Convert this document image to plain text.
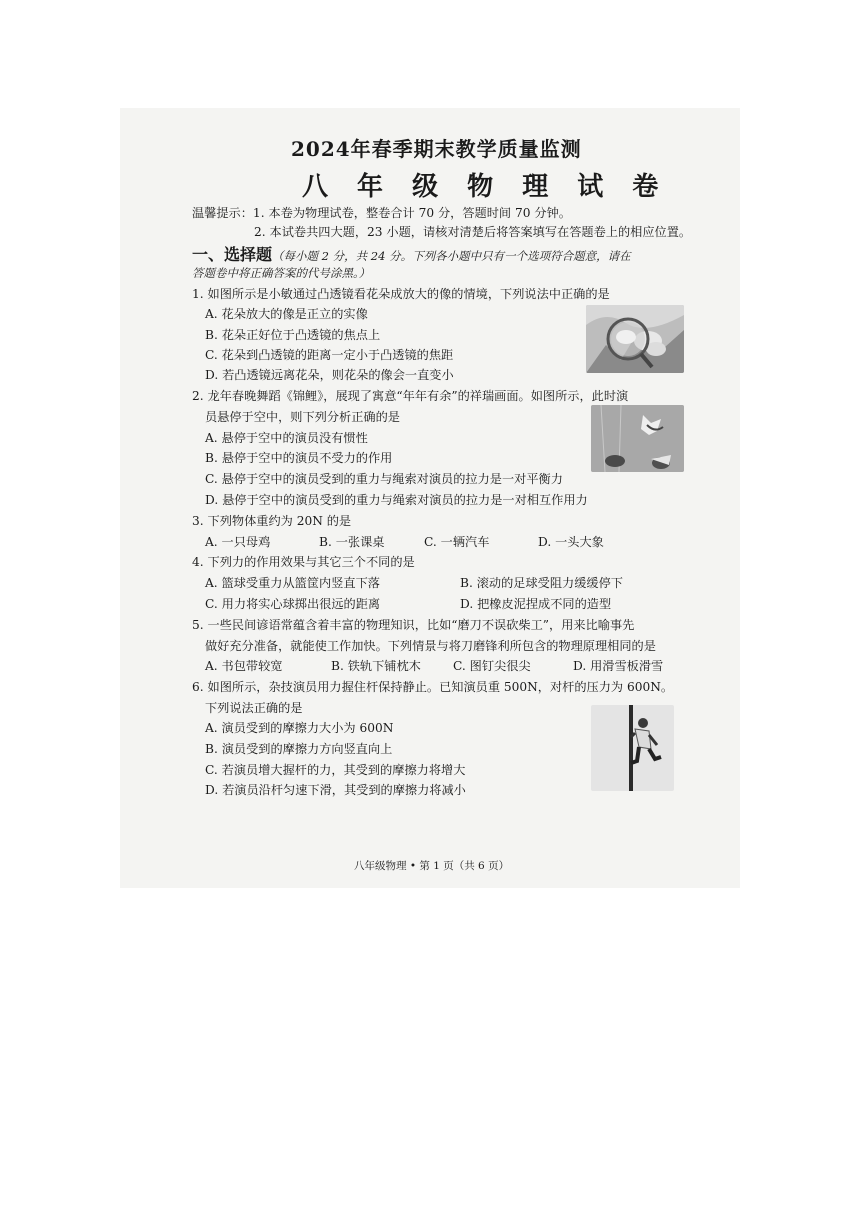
2024年春季期末教学质量监测
八 年 级 物 理 试 卷
温馨提示：1. 本卷为物理试卷，整卷合计 70 分，答题时间 70 分钟。
2. 本试卷共四大题，23 小题，请核对清楚后将答案填写在答题卷上的相应位置。
一、选择题 （每小题 2 分，共 24 分。下列各小题中只有一个选项符合题意，请在
答题卷中将正确答案的代号涂黑。）
1. 如图所示是小敏通过凸透镜看花朵成放大的像的情境，下列说法中正确的是
A. 花朵放大的像是正立的实像
B. 花朵正好位于凸透镜的焦点上
C. 花朵到凸透镜的距离一定小于凸透镜的焦距
D. 若凸透镜远离花朵，则花朵的像会一直变小
2. 龙年春晚舞蹈《锦鲤》，展现了寓意“年年有余”的祥瑞画面。如图所示，此时演
员悬停于空中，则下列分析正确的是
A. 悬停于空中的演员没有惯性
B. 悬停于空中的演员不受力的作用
C. 悬停于空中的演员受到的重力与绳索对演员的拉力是一对平衡力
D. 悬停于空中的演员受到的重力与绳索对演员的拉力是一对相互作用力
3. 下列物体重约为 20N 的是
A. 一只母鸡	B. 一张课桌	C. 一辆汽车	D. 一头大象
4. 下列力的作用效果与其它三个不同的是
A. 篮球受重力从篮筐内竖直下落	B. 滚动的足球受阻力缓缓停下
C. 用力将实心球掷出很远的距离	D. 把橡皮泥捏成不同的造型
5. 一些民间谚语常蕴含着丰富的物理知识，比如“磨刀不误砍柴工”，用来比喻事先
做好充分准备，就能使工作加快。下列情景与将刀磨锋利所包含的物理原理相同的是
A. 书包带较宽	B. 铁轨下铺枕木	C. 图钉尖很尖	D. 用滑雪板滑雪
6. 如图所示，杂技演员用力握住杆保持静止。已知演员重 500N，对杆的压力为 600N。
下列说法正确的是
A. 演员受到的摩擦力大小为 600N
B. 演员受到的摩擦力方向竖直向上
C. 若演员增大握杆的力，其受到的摩擦力将增大
D. 若演员沿杆匀速下滑，其受到的摩擦力将减小
八年级物理 • 第 1 页（共 6 页）
